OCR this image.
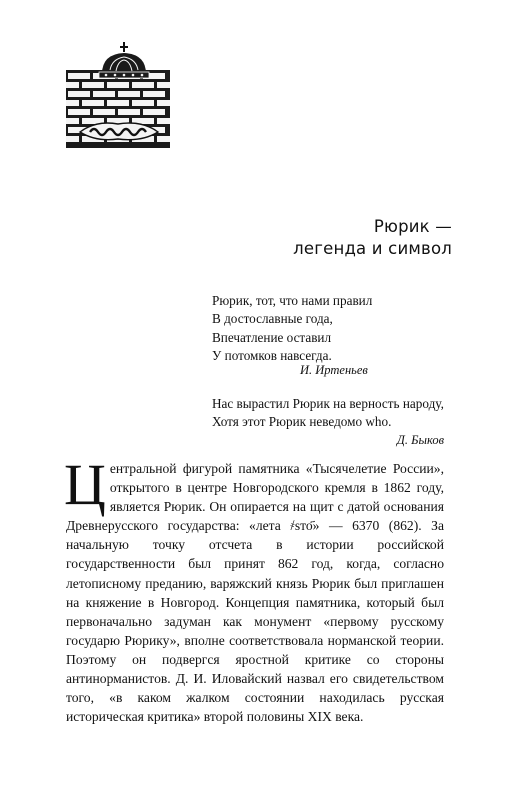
Рюрик —
легенда и символ
Рюрик, тот, что нами правил
В достославные года,
Впечатление оставил
У потомков навсегда.
И. Иртеньев
Нас вырастил Рюрик на верность народу,
Хотя этот Рюрик неведомо who.
Д. Быков
Центральной фигурой памятника «Тысячелетие России», открытого в центре Новгородского кремля в 1862 году, является Рюрик. Он опирается на щит с датой основания Древнерусского государства: «лета ҂ѕто҃» — 6370 (862). За начальную точку отсчета в истории российской государственности был принят 862 год, когда, согласно летописному преданию, варяжский князь Рюрик был приглашен на княжение в Новгород. Концепция памятника, который был первоначально задуман как монумент «первому русскому государю Рюрику», вполне соответствовала норманской теории. Поэтому он подвергся яростной критике со стороны антинорманистов. Д. И. Иловайский назвал его свидетельством того, «в каком жалком состоянии находилась русская историческая критика» второй половины XIX века.
